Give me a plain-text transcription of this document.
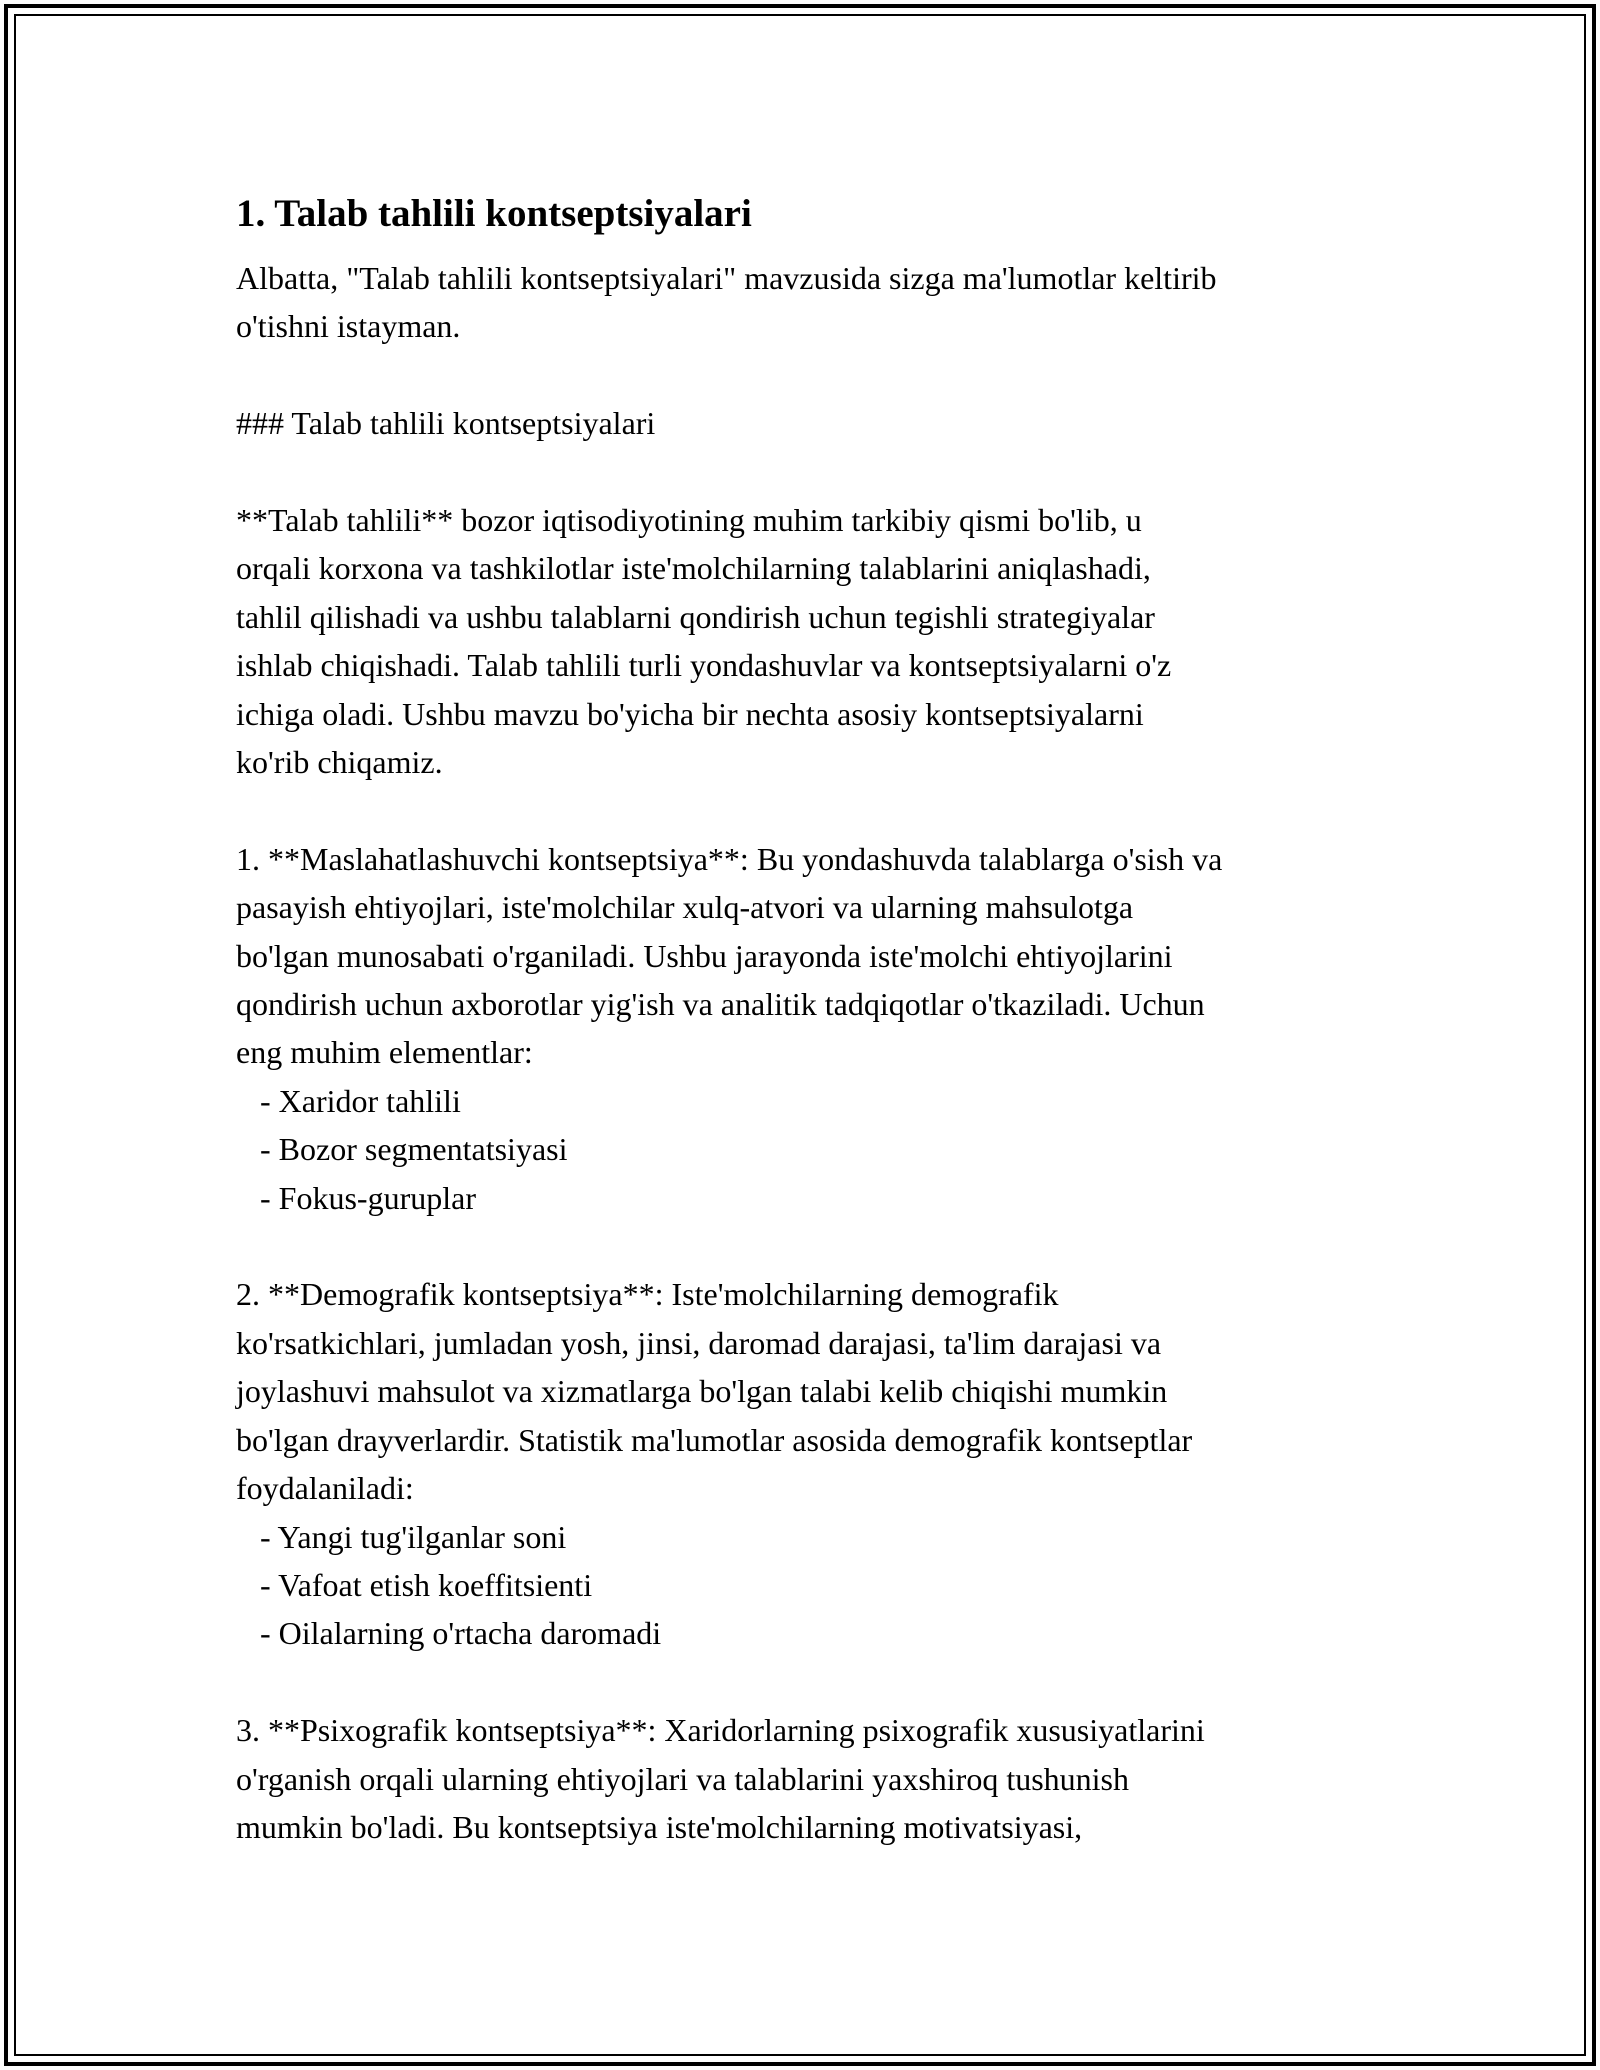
1. Talab tahlili kontseptsiyalari
Albatta, "Talab tahlili kontseptsiyalari" mavzusida sizga ma'lumotlar keltirib
o'tishni istayman.
### Talab tahlili kontseptsiyalari
**Talab tahlili** bozor iqtisodiyotining muhim tarkibiy qismi bo'lib, u
orqali korxona va tashkilotlar iste'molchilarning talablarini aniqlashadi,
tahlil qilishadi va ushbu talablarni qondirish uchun tegishli strategiyalar
ishlab chiqishadi. Talab tahlili turli yondashuvlar va kontseptsiyalarni o'z
ichiga oladi. Ushbu mavzu bo'yicha bir nechta asosiy kontseptsiyalarni
ko'rib chiqamiz.
1. **Maslahatlashuvchi kontseptsiya**: Bu yondashuvda talablarga o'sish va
pasayish ehtiyojlari, iste'molchilar xulq-atvori va ularning mahsulotga
bo'lgan munosabati o'rganiladi. Ushbu jarayonda iste'molchi ehtiyojlarini
qondirish uchun axborotlar yig'ish va analitik tadqiqotlar o'tkaziladi. Uchun
eng muhim elementlar:
- Xaridor tahlili
- Bozor segmentatsiyasi
- Fokus-guruplar
2. **Demografik kontseptsiya**: Iste'molchilarning demografik
ko'rsatkichlari, jumladan yosh, jinsi, daromad darajasi, ta'lim darajasi va
joylashuvi mahsulot va xizmatlarga bo'lgan talabi kelib chiqishi mumkin
bo'lgan drayverlardir. Statistik ma'lumotlar asosida demografik kontseptlar
foydalaniladi:
- Yangi tug'ilganlar soni
- Vafoat etish koeffitsienti
- Oilalarning o'rtacha daromadi
3. **Psixografik kontseptsiya**: Xaridorlarning psixografik xususiyatlarini
o'rganish orqali ularning ehtiyojlari va talablarini yaxshiroq tushunish
mumkin bo'ladi. Bu kontseptsiya iste'molchilarning motivatsiyasi,
